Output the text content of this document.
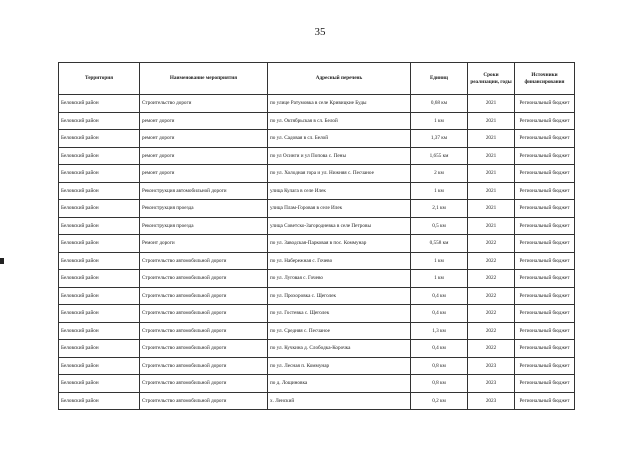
35
Территория	Наименование мероприятия	Адресный перечень	Единиц	Сроки реализации, годы	Источники финансирования
Беловский район	Строительство дороги	по улице Ратумовка в селе Кривицкие Буды	0,68 км	2021	Региональный бюджет
Беловский район	ремонт дороги	по ул. Октябрьская в сл. Белой	1 км	2021	Региональный бюджет
Беловский район	ремонт дороги	по ул. Садовая в сл. Белой	1,37 км	2021	Региональный бюджет
Беловский район	ремонт дороги	по ул Осинги и ул Попова с. Пены	1,655 км	2021	Региональный бюджет
Беловский район	ремонт дороги	по ул. Холодная гора и ул. Нижняя с. Песчаное	2 км	2021	Региональный бюджет
Беловский район	Реконструкция автомобильной дороги	улица Кулага в селе Илек	1 км	2021	Региональный бюджет
Беловский район	Реконструкция проезда	улица Плам-Горовая в селе Илек	2,1 км	2021	Региональный бюджет
Беловский район	Реконструкция проезда	улица Советско-Загородневка в селе Петровы	0,5 км	2021	Региональный бюджет
Беловский район	Ремонт дороги	по ул. Заводская-Парковая в пос. Коммунар	0,558 км	2022	Региональный бюджет
Беловский район	Строительство автомобильной дороги	по ул. Набережная с. Гочево	1 км	2022	Региональный бюджет
Беловский район	Строительство автомобильной дороги	по ул. Луговая с. Гочево	1 км	2022	Региональный бюджет
Беловский район	Строительство автомобильной дороги	по ул. Прохоровка с. Щеголек	0,4 км	2022	Региональный бюджет
Беловский район	Строительство автомобильной дороги	по ул. Гостевка с. Щеголек	0,4 км	2022	Региональный бюджет
Беловский район	Строительство автомобильной дороги	по ул. Средняя с. Песчаное	1,3 км	2022	Региональный бюджет
Беловский район	Строительство автомобильной дороги	по ул. Кучкина д. Слободка-Корочка	0,4 км	2022	Региональный бюджет
Беловский район	Строительство автомобильной дороги	по ул. Лесная п. Коммунар	0,8 км	2023	Региональный бюджет
Беловский район	Строительство автомобильной дороги	по д. Лощиновка	0,8 км	2023	Региональный бюджет
Беловский район	Строительство автомобильной дороги	х. Ленский	0,2 км	2023	Региональный бюджет
